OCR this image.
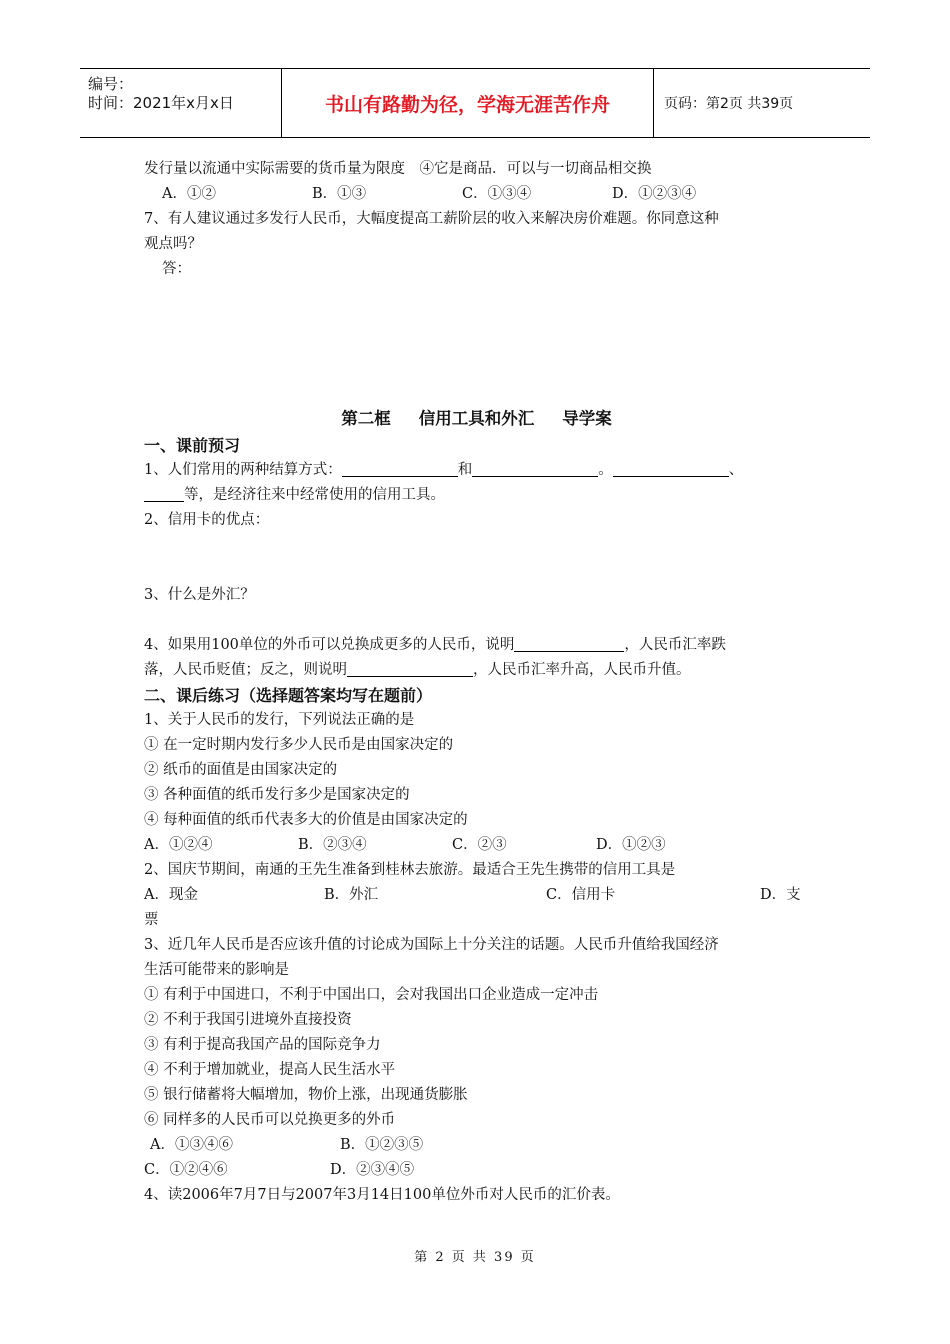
编号：
时间：2021年x月x日	书山有路勤为径，学海无涯苦作舟	页码：第2页 共39页
发行量以流通中实际需要的货币量为限度　④它是商品．可以与一切商品相交换
A．①②	B．①③	C．①③④	D．①②③④
7、有人建议通过多发行人民币，大幅度提高工薪阶层的收入来解决房价难题。你同意这种
观点吗？
答：
第二框 信用工具和外汇 导学案
一、课前预习
1、人们常用的两种结算方式：	和	。	、
等，是经济往来中经常使用的信用工具。
2、信用卡的优点：
3、什么是外汇？
4、如果用100单位的外币可以兑换成更多的人民币，说明	，人民币汇率跌
落，人民币贬值；反之，则说明	，人民币汇率升高，人民币升值。
二、课后练习（选择题答案均写在题前）
1、关于人民币的发行，下列说法正确的是
① 在一定时期内发行多少人民币是由国家决定的
② 纸币的面值是由国家决定的
③ 各种面值的纸币发行多少是国家决定的
④ 每种面值的纸币代表多大的价值是由国家决定的
A．①②④	B．②③④	C．②③	D．①②③
2、国庆节期间，南通的王先生准备到桂林去旅游。最适合王先生携带的信用工具是
A．现金	B．外汇	C．信用卡	D．支
票
3、近几年人民币是否应该升值的讨论成为国际上十分关注的话题。人民币升值给我国经济
生活可能带来的影响是
① 有利于中国进口，不利于中国出口，会对我国出口企业造成一定冲击
② 不利于我国引进境外直接投资
③ 有利于提高我国产品的国际竞争力
④ 不利于增加就业，提高人民生活水平
⑤ 银行储蓄将大幅增加，物价上涨，出现通货膨胀
⑥ 同样多的人民币可以兑换更多的外币
A．①③④⑥	B．①②③⑤
C．①②④⑥	D．②③④⑤
4、读2006年7月7日与2007年3月14日100单位外币对人民币的汇价表。
第 2 页 共 39 页
